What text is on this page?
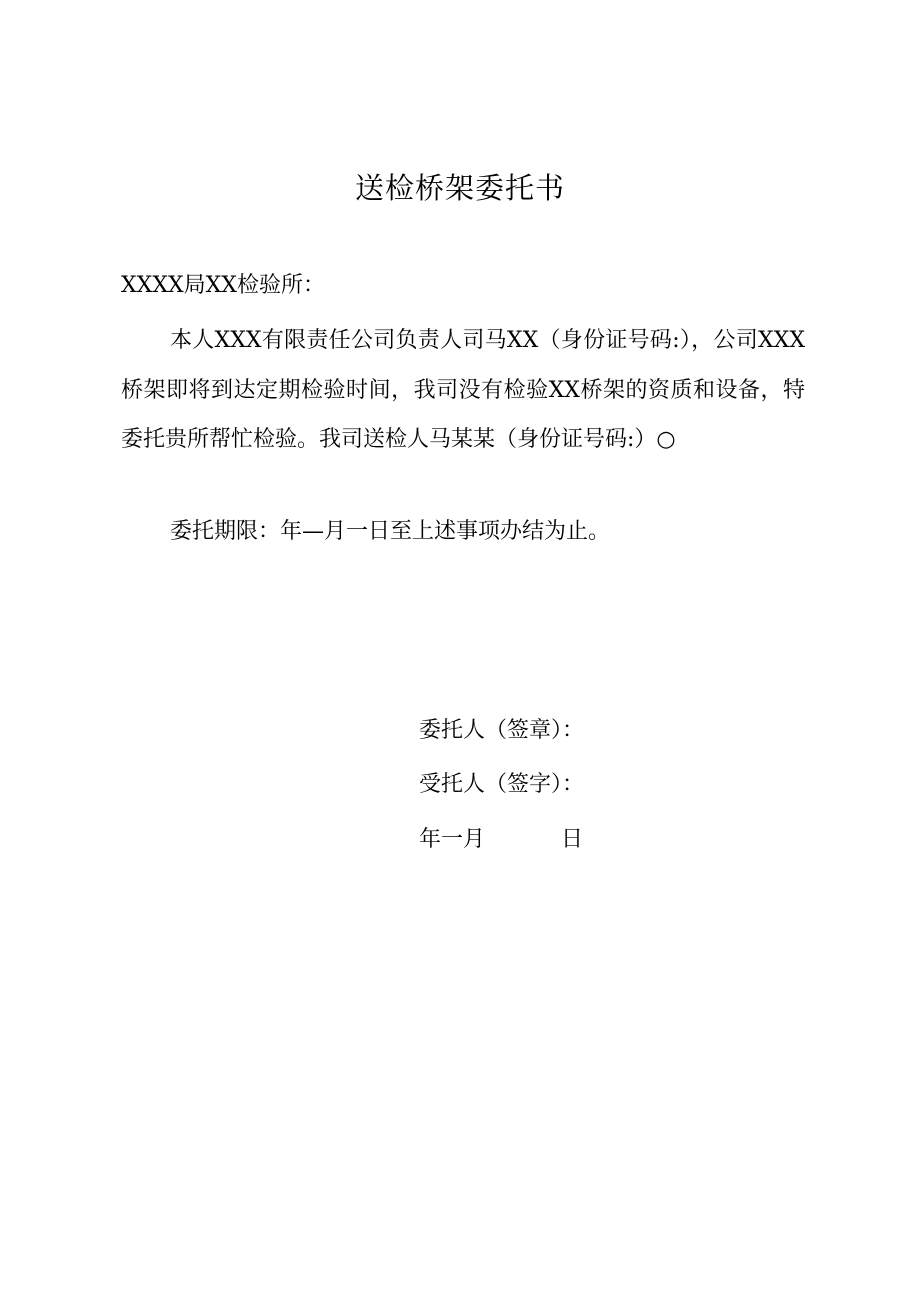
送检桥架委托书
XXXX局XX检验所：

本人XXX有限责任公司负责人司马XX（身份证号码:），公司XXX桥架即将到达定期检验时间，我司没有检验XX桥架的资质和设备，特委托贵所帮忙检验。我司送检人马某某（身份证号码:）○

委托期限：年—月一日至上述事项办结为止。
委托人（签章）：
受托人（签字）：
年一月	日
